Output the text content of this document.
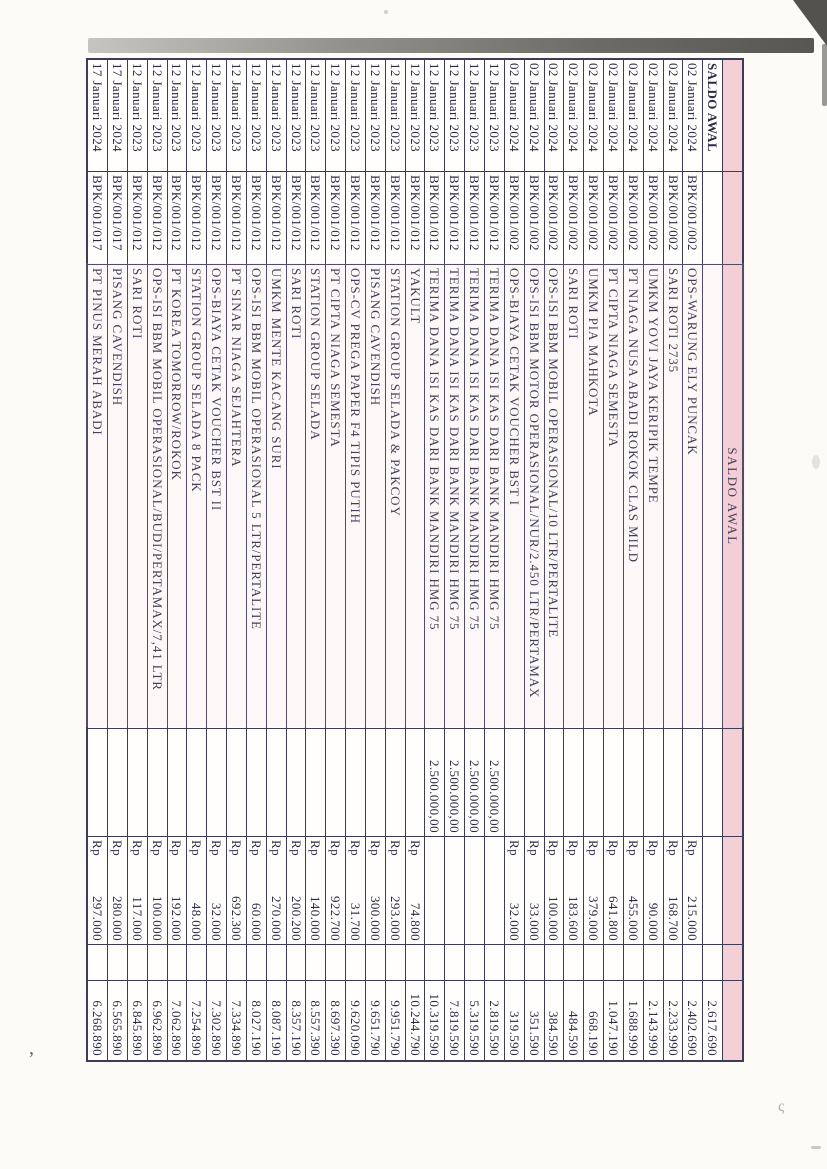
’
ς
SALDO AWAL
SALDO AWAL
2.617.690
02 Januari 2024
BPK/001/002
OPS-WARUNG ELY PUNCAK
Rp
215.000
2.402.690
02 Januari 2024
BPK/001/002
SARI ROTI 2735
Rp
168.700
2.233.990
02 Januari 2024
BPK/001/002
UMKM YOVI JAYA KERIPIK TEMPE
Rp
90.000
2.143.990
02 Januari 2024
BPK/001/002
PT NIAGA NUSA ABADI ROKOK CLAS MILD
Rp
455.000
1.688.990
02 Januari 2024
BPK/001/002
PT CIPTA NIAGA SEMESTA
Rp
641.800
1.047.190
02 Januari 2024
BPK/001/002
UMKM PIA MAHKOTA
Rp
379.000
668.190
02 Januari 2024
BPK/001/002
SARI ROTI
Rp
183.600
484.590
02 Januari 2024
BPK/001/002
OPS-ISI BBM MOBIL OPERASIONAL/10 LTR/PERTALITE
Rp
100.000
384.590
02 Januari 2024
BPK/001/002
OPS-ISI BBM MOTOR OPERASIONAL/NUR/2.450 LTR/PERTAMAX
Rp
33.000
351.590
02 Januari 2024
BPK/001/002
OPS-BIAYA CETAK VOUCHER BST I
Rp
32.000
319.590
12 Januari 2023
BPK/001/012
TERIMA DANA ISI KAS DARI BANK MANDIRI HMG 75
2.500.000,00
2.819.590
12 Januari 2023
BPK/001/012
TERIMA DANA ISI KAS DARI BANK MANDIRI HMG 75
2.500.000,00
5.319.590
12 Januari 2023
BPK/001/012
TERIMA DANA ISI KAS DARI BANK MANDIRI HMG 75
2.500.000,00
7.819.590
12 Januari 2023
BPK/001/012
TERIMA DANA ISI KAS DARI BANK MANDIRI HMG 75
2.500.000,00
10.319.590
12 Januari 2023
BPK/001/012
YAKULT
Rp
74.800
10.244.790
12 Januari 2023
BPK/001/012
STATION GROUP SELADA & PAKCOY
Rp
293.000
9.951.790
12 Januari 2023
BPK/001/012
PISANG CAVENDISH
Rp
300.000
9.651.790
12 Januari 2023
BPK/001/012
OPS-CV PREGA PAPER F4 TIPIS PUTIH
Rp
31.700
9.620.090
12 Januari 2023
BPK/001/012
PT CIPTA NIAGA SEMESTA
Rp
922.700
8.697.390
12 Januari 2023
BPK/001/012
STATION GROUP SELADA
Rp
140.000
8.557.390
12 Januari 2023
BPK/001/012
SARI ROTI
Rp
200.200
8.357.190
12 Januari 2023
BPK/001/012
UMKM MENTE KACANG SURI
Rp
270.000
8.087.190
12 Januari 2023
BPK/001/012
OPS-ISI BBM MOBIL OPERASIONAL 5 LTR/PERTALITE
Rp
60.000
8.027.190
12 Januari 2023
BPK/001/012
PT SINAR NIAGA SEJAHTERA
Rp
692.300
7.334.890
12 Januari 2023
BPK/001/012
OPS-BIAYA CETAK VOUCHER BST II
Rp
32.000
7.302.890
12 Januari 2023
BPK/001/012
STATION GROUP SELADA 8 PACK
Rp
48.000
7.254.890
12 Januari 2023
BPK/001/012
PT KOREA TOMORROW/ROKOK
Rp
192.000
7.062.890
12 Januari 2023
BPK/001/012
OPS-ISI BBM MOBIL OPERASIONAL/BUDI/PERTAMAX/7,41 LTR
Rp
100.000
6.962.890
12 Januari 2023
BPK/001/012
SARI ROTI
Rp
117.000
6.845.890
17 Januari 2024
BPK/001/017
PISANG CAVENDISH
Rp
280.000
6.565.890
17 Januari 2024
BPK/001/017
PT PINUS MERAH ABADI
Rp
297.000
6.268.890
